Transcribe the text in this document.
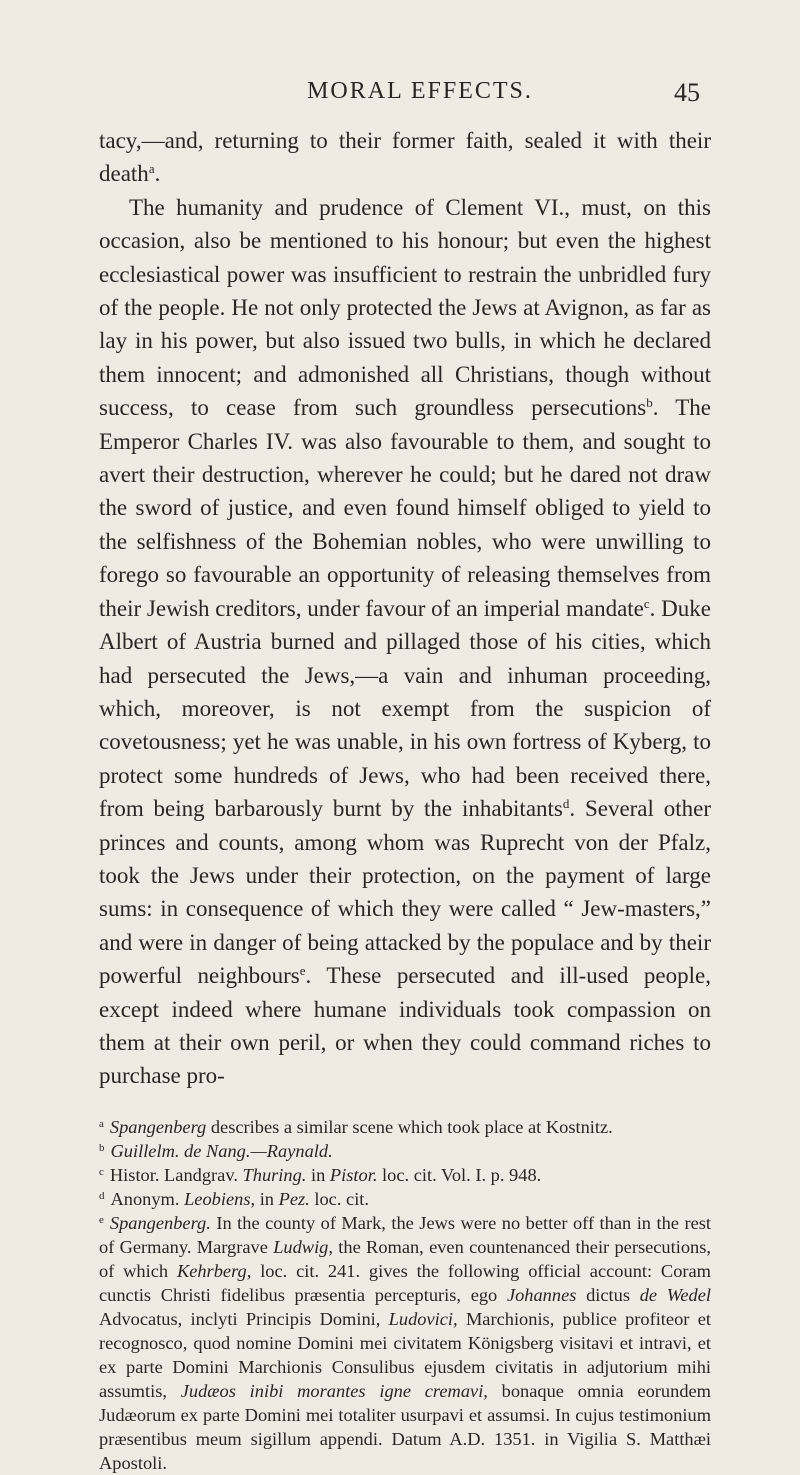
MORAL EFFECTS.	45

tacy,—and, returning to their former faith, sealed it with their death$^a$.

The humanity and prudence of Clement VI., must, on this occasion, also be mentioned to his honour; but even the highest ecclesiastical power was insufficient to restrain the unbridled fury of the people. He not only protected the Jews at Avignon, as far as lay in his power, but also issued two bulls, in which he declared them innocent; and admonished all Christians, though without success, to cease from such groundless persecutions$^b$. The Emperor Charles IV. was also favourable to them, and sought to avert their destruction, wherever he could; but he dared not draw the sword of justice, and even found himself obliged to yield to the selfishness of the Bohemian nobles, who were unwilling to forego so favourable an opportunity of releasing themselves from their Jewish creditors, under favour of an imperial mandate$^c$. Duke Albert of Austria burned and pillaged those of his cities, which had persecuted the Jews,—a vain and inhuman proceeding, which, moreover, is not exempt from the suspicion of covetousness; yet he was unable, in his own fortress of Kyberg, to protect some hundreds of Jews, who had been received there, from being barbarously burnt by the inhabitants$^d$. Several other princes and counts, among whom was Ruprecht von der Pfalz, took the Jews under their protection, on the payment of large sums: in consequence of which they were called “ Jew-masters,” and were in danger of being attacked by the populace and by their powerful neighbours$^e$. These persecuted and ill-used people, except indeed where humane individuals took compassion on them at their own peril, or when they could command riches to purchase pro-

$^a$ Spangenberg describes a similar scene which took place at Kostnitz.

$^b$ Guillelm. de Nang.—Raynald.

$^c$ Histor. Landgrav. Thuring. in Pistor. loc. cit. Vol. I. p. 948.

$^d$ Anonym. Leobiens, in Pez. loc. cit.

$^e$ Spangenberg. In the county of Mark, the Jews were no better off than in the rest of Germany. Margrave Ludwig, the Roman, even countenanced their persecutions, of which Kehrberg, loc. cit. 241. gives the following official account: Coram cunctis Christi fidelibus præsentia percepturis, ego Johannes dictus de Wedel Advocatus, inclyti Principis Domini, Ludovici, Marchionis, publice profiteor et recognosco, quod nomine Domini mei civitatem Königsberg visitavi et intravi, et ex parte Domini Marchionis Consulibus ejusdem civitatis in adjutorium mihi assumtis, Judæos inibi morantes igne cremavi, bonaque omnia eorundem Judæorum ex parte Domini mei totaliter usurpavi et assumsi. In cujus testimonium præsentibus meum sigillum appendi. Datum A.D. 1351. in Vigilia S. Matthæi Apostoli.
